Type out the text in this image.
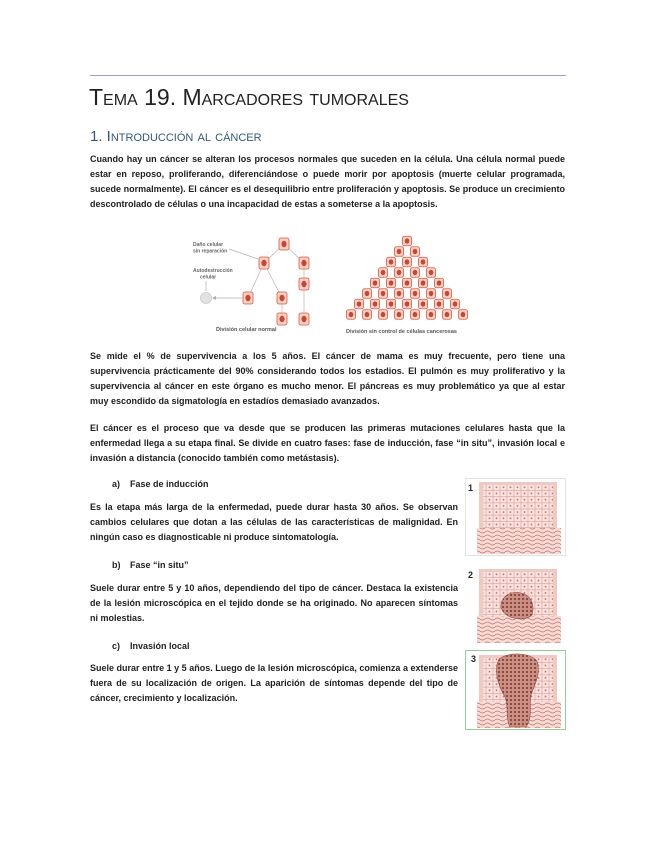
Tema 19. Marcadores tumorales
1. Introducción al cáncer

Cuando hay un cáncer se alteran los procesos normales que suceden en la célula. Una célula normal puede estar en reposo, proliferando, diferenciándose o puede morir por apoptosis (muerte celular programada, sucede normalmente). El cáncer es el desequilibrio entre proliferación y apoptosis. Se produce un crecimiento descontrolado de células o una incapacidad de estas a someterse a la apoptosis.

Daño celular
sin reparación
Autodestrucción
celular
División celular normal	División sin control de células cancerosas

Se mide el % de supervivencia a los 5 años. El cáncer de mama es muy frecuente, pero tiene una supervivencia prácticamente del 90% considerando todos los estadios. El pulmón es muy proliferativo y la supervivencia al cáncer en este órgano es mucho menor. El páncreas es muy problemático ya que al estar muy escondido da sigmatología en estadíos demasiado avanzados.

El cáncer es el proceso que va desde que se producen las primeras mutaciones celulares hasta que la enfermedad llega a su etapa final. Se divide en cuatro fases: fase de inducción, fase “in situ”, invasión local e invasión a distancia (conocido también como metástasis).

a) Fase de inducción

Es la etapa más larga de la enfermedad, puede durar hasta 30 años. Se observan cambios celulares que dotan a las células de las características de malignidad. En ningún caso es diagnosticable ni produce sintomatología.

b) Fase “in situ”

Suele durar entre 5 y 10 años, dependiendo del tipo de cáncer. Destaca la existencia de la lesión microscópica en el tejido donde se ha originado. No aparecen síntomas ni molestias.

c) Invasión local

Suele durar entre 1 y 5 años. Luego de la lesión microscópica, comienza a extenderse fuera de su localización de origen. La aparición de síntomas depende del tipo de cáncer, crecimiento y localización.

1
2
3
